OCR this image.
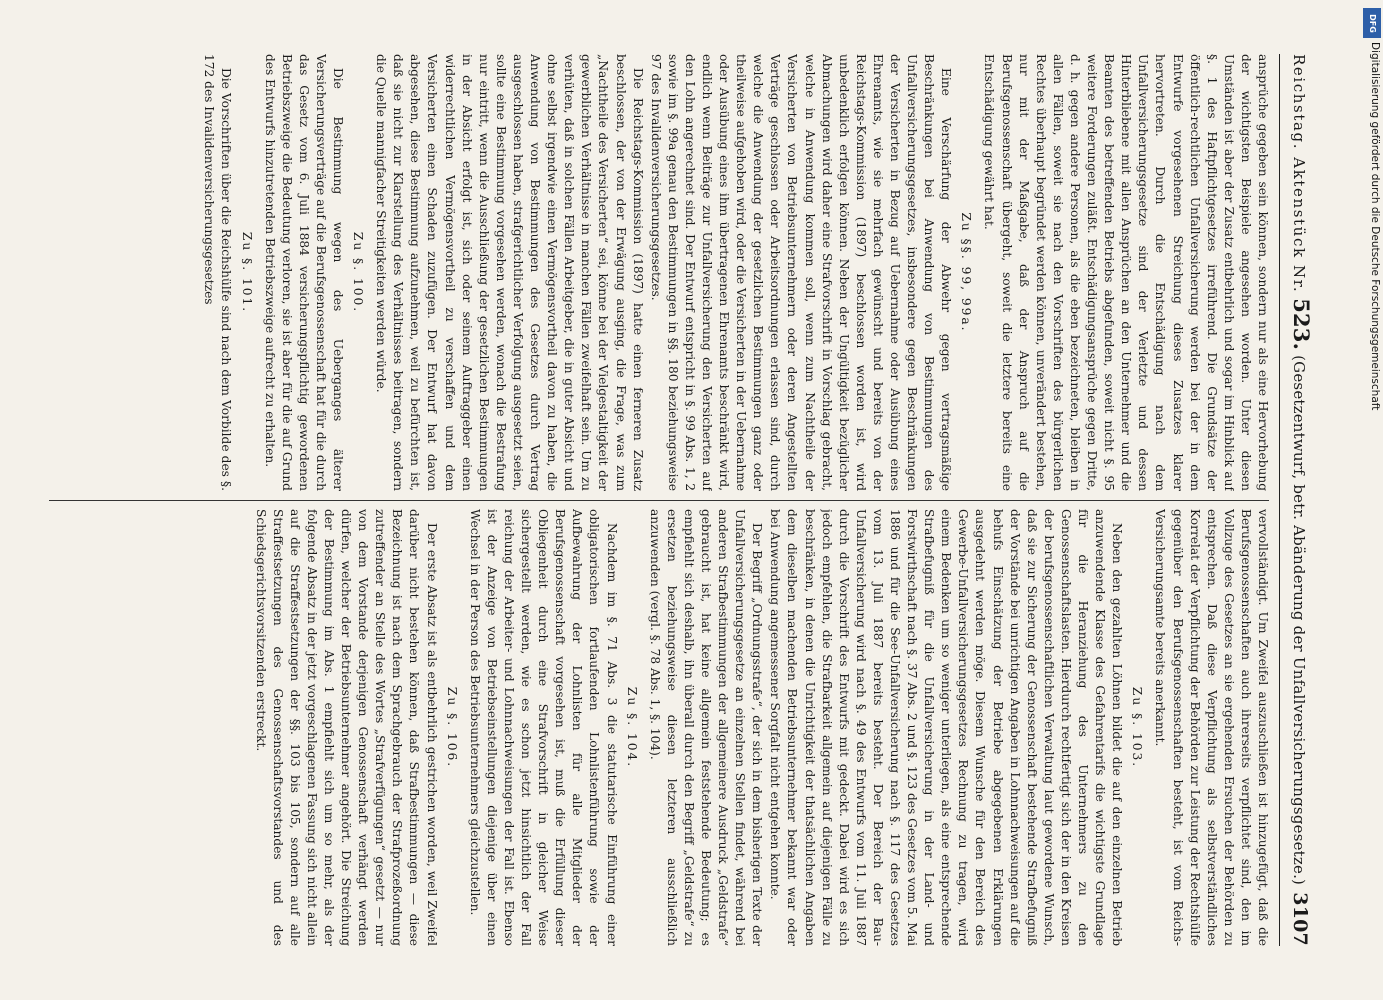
Reichstag.
Aktenstück Nr. 523. (Gesetzentwurf, betr. Abänderung der Unfallversicherungsgesetze.)
3107

ansprüche gegeben sein können, sondern nur als eine Hervorhebung der wichtigsten Beispiele angesehen worden. Unter diesen Umständen ist aber der Zusatz entbehrlich und sogar im Hinblick auf §. 1 des Haftpflichtgesetzes irreführend. Die Grundsätze der öffentlich-rechtlichen Unfallversicherung werden bei der in dem Entwurfe vorgesehenen Streichung dieses Zusatzes klarer hervortreten. Durch die Entschädigung nach dem Unfallversicherungsgesetze sind der Verletzte und dessen Hinterbliebene mit allen Ansprüchen an den Unternehmer und die Beamten des betreffenden Betriebs abgefunden, soweit nicht §. 95 weitere Forderungen zuläßt. Entschädigungsansprüche gegen Dritte, d. h. gegen andere Personen, als die eben bezeichneten, bleiben in allen Fällen, soweit sie nach den Vorschriften des bürgerlichen Rechtes überhaupt begründet werden können, unverändert bestehen, nur mit der Maßgabe, daß der Anspruch auf die Berufsgenossenschaft übergeht, soweit die letztere bereits eine Entschädigung gewährt hat.

Zu §§. 99, 99a.

Eine Verschärfung der Abwehr gegen vertragsmäßige Beschränkungen bei Anwendung von Bestimmungen des Unfallversicherungsgesetzes, insbesondere gegen Beschränkungen der Versicherten in Bezug auf Uebernahme oder Ausübung eines Ehrenamts, wie sie mehrfach gewünscht und bereits von der Reichstags-Kommission (1897) beschlossen worden ist, wird unbedenklich erfolgen können. Neben der Ungültigkeit bezüglicher Abmachungen wird daher eine Strafvorschrift in Vorschlag gebracht, welche in Anwendung kommen soll, wenn zum Nachtheile der Versicherten von Betriebsunternehmern oder deren Angestellten Verträge geschlossen oder Arbeitsordnungen erlassen sind, durch welche die Anwendung der gesetzlichen Bestimmungen ganz oder theilweise aufgehoben wird, oder die Versicherten in der Uebernahme oder Ausübung eines ihm übertragenen Ehrenamts beschränkt wird, endlich wenn Beiträge zur Unfallversicherung den Versicherten auf den Lohn angerechnet sind. Der Entwurf entspricht in §. 99 Abs. 1, 2 sowie im §. 99a genau den Bestimmungen in §§. 180 beziehungsweise 97 des Invalidenversicherungsgesetzes.

Die Reichstags-Kommission (1897) hatte einen ferneren Zusatz beschlossen, der von der Erwägung ausging, die Frage, was zum „Nachtheile des Versicherten“ sei, könne bei der Vielgestaltigkeit der gewerblichen Verhältnisse in manchen Fällen zweifelhaft sein. Um zu verhüten, daß in solchen Fällen Arbeitgeber, die in guter Absicht und ohne selbst irgendwie einen Vermögensvortheil davon zu haben, die Anwendung von Bestimmungen des Gesetzes durch Vertrag ausgeschlossen haben, strafgerichtlicher Verfolgung ausgesetzt seien, sollte eine Bestimmung vorgesehen werden, wonach die Bestrafung nur eintritt, wenn die Ausschließung der gesetzlichen Bestimmungen in der Absicht erfolgt ist, sich oder seinem Auftraggeber einen widerrechtlichen Vermögensvortheil zu verschaffen und dem Versicherten einen Schaden zuzufügen. Der Entwurf hat davon abgesehen, diese Bestimmung aufzunehmen, weil zu befürchten ist, daß sie nicht zur Klarstellung des Verhältnisses beitragen, sondern die Quelle mannigfacher Streitigkeiten werden würde.

Zu §. 100.

Die Bestimmung wegen des Ueberganges älterer Versicherungsverträge auf die Berufsgenossenschaft hat für die durch das Gesetz vom 6. Juli 1884 versicherungspflichtig gewordenen Betriebszweige die Bedeutung verloren, sie ist aber für die auf Grund des Entwurfs hinzutretenden Betriebszweige aufrecht zu erhalten.

Zu §. 101.

Die Vorschriften über die Reichshülfe sind nach dem Vorbilde des §. 172 des Invalidenversicherungsgesetzes

vervollständigt. Um Zweifel auszuschließen ist hinzugefügt, daß die Berufsgenossenschaften auch ihrerseits verpflichtet sind, den im Vollzuge des Gesetzes an sie ergehenden Ersuchen der Behörden zu entsprechen. Daß diese Verpflichtung als selbstverständliches Korrelat der Verpflichtung der Behörden zur Leistung der Rechtshülfe gegenüber den Berufsgenossenschaften besteht, ist vom Reichs-Versicherungsamte bereits anerkannt.

Zu §. 103.

Neben den gezahlten Löhnen bildet die auf den einzelnen Betrieb anzuwendende Klasse des Gefahrentarifs die wichtigste Grundlage für die Heranziehung des Unternehmers zu den Genossenschaftslasten. Hierdurch rechtfertigt sich der in den Kreisen der berufsgenossenschaftlichen Verwaltung laut gewordene Wunsch, daß sie zur Sicherung der Genossenschaft bestehende Strafbefugniß der Vorstände bei unrichtigen Angaben in Lohnnachweisungen auf die behufs Einschätzung der Betriebe abgegebenen Erklärungen ausgedehnt werden möge. Diesem Wunsche für den Bereich des Gewerbe-Unfallversicherungsgesetzes Rechnung zu tragen, wird einem Bedenken um so weniger unterliegen, als eine entsprechende Strafbefugniß für die Unfallversicherung in der Land- und Forstwirthschaft nach §. 37 Abs. 2 und §. 123 des Gesetzes vom 5. Mai 1886 und für die See-Unfallversicherung nach §. 117 des Gesetzes vom 13. Juli 1887 bereits besteht. Der Bereich der Bau-Unfallversicherung wird nach §. 49 des Entwurfs vom 11. Juli 1887 durch die Vorschrift des Entwurfs mit gedeckt. Dabei wird es sich jedoch empfehlen, die Strafbarkeit allgemein auf diejenigen Fälle zu beschränken, in denen die Unrichtigkeit der thatsächlichen Angaben dem dieselben machenden Betriebsunternehmer bekannt war oder bei Anwendung angemessener Sorgfalt nicht entgehen konnte.

Der Begriff „Ordnungsstrafe“, der sich in dem bisherigen Texte der Unfallversicherungsgesetze an einzelnen Stellen findet, während bei anderen Strafbestimmungen der allgemeinere Ausdruck „Geldstrafe“ gebraucht ist, hat keine allgemein feststehende Bedeutung; es empfiehlt sich deshalb, ihn überall durch den Begriff „Geldstrafe“ zu ersetzen beziehungsweise diesen letzteren ausschließlich anzuwenden (vergl. §. 78 Abs. 1, §. 104).

Zu §. 104.

Nachdem im §. 71 Abs. 3 die statutarische Einführung einer obligatorischen fortlaufenden Lohnlistenführung sowie der Aufbewahrung der Lohnlisten für alle Mitglieder der Berufsgenossenschaft vorgesehen ist, muß die Erfüllung dieser Obliegenheit durch eine Strafvorschrift in gleicher Weise sichergestellt werden, wie es schon jetzt hinsichtlich der Fall reichung der Arbeiter- und Lohnnachweisungen der Fall ist. Ebenso ist der Anzeige von Betriebseinstellungen diejenige über einen Wechsel in der Person des Betriebsunternehmers gleichzustellen.

Zu §. 106.

Der erste Absatz ist als entbehrlich gestrichen worden, weil Zweifel darüber nicht bestehen können, daß Strafbestimmungen — diese Bezeichnung ist nach dem Sprachgebrauch der Strafprozeßordnung zutreffender an Stelle des Wortes „Strafverfügungen“ gesetzt — nur von dem Vorstande derjenigen Genossenschaft verhängt werden dürfen, welcher der Betriebsunternehmer angehört. Die Streichung der Bestimmung im Abs. 1 empfiehlt sich um so mehr, als der folgende Absatz in der jetzt vorgeschlagenen Fassung sich nicht allein auf die Straffestsetzungen der §§. 103 bis 105, sondern auf alle Straffestsetzungen des Genossenschaftsvorstandes und des Schiedsgerichtsvorsitzenden erstreckt.

DFG
Digitalisierung gefördert durch die Deutsche Forschungsgemeinschaft
